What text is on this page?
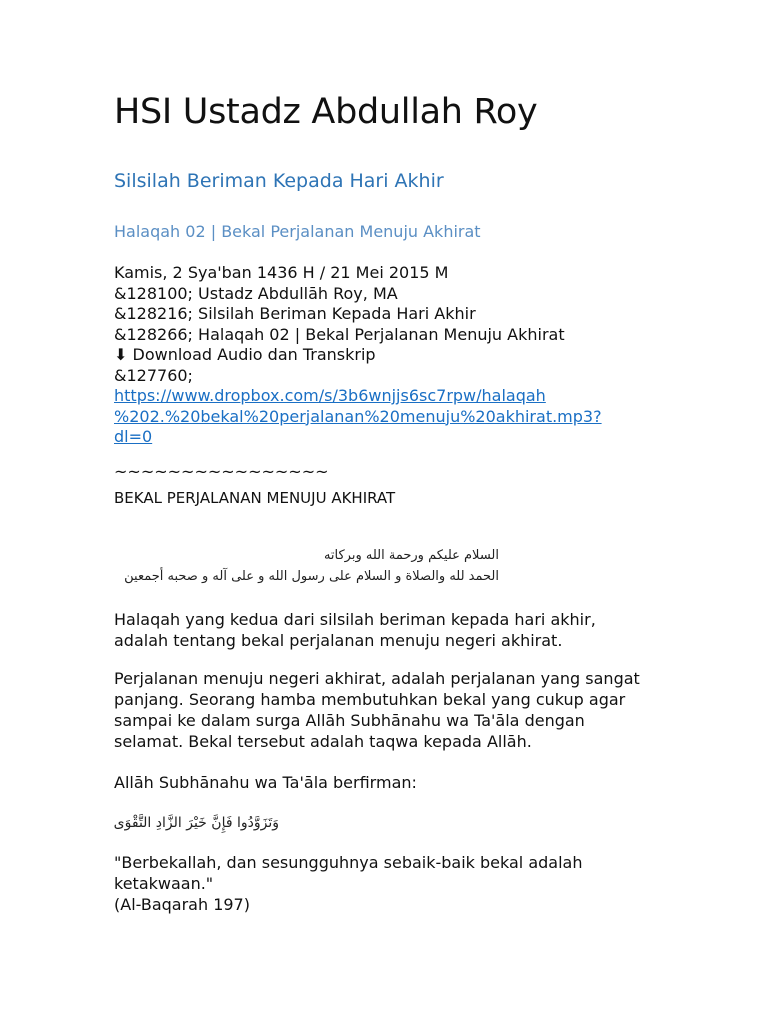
HSI Ustadz Abdullah Roy
Silsilah Beriman Kepada Hari Akhir
Halaqah 02 | Bekal Perjalanan Menuju Akhirat
Kamis, 2 Sya'ban 1436 H / 21 Mei 2015 M
&128100; Ustadz Abdullāh Roy, MA
&128216; Silsilah Beriman Kepada Hari Akhir
&128266; Halaqah 02 | Bekal Perjalanan Menuju Akhirat
⬇ Download Audio dan Transkrip
&127760;
https://www.dropbox.com/s/3b6wnjjs6sc7rpw/halaqah
%202.%20bekal%20perjalanan%20menuju%20akhirat.mp3?
dl=0
~~~~~~~~~~~~~~~~
BEKAL PERJALANAN MENUJU AKHIRAT
السلام عليكم ورحمة الله وبركاته
الحمد لله والصلاة و السلام على رسول الله و على آله و صحبه أجمعين
Halaqah yang kedua dari silsilah beriman kepada hari akhir, adalah tentang bekal perjalanan menuju negeri akhirat.
Perjalanan menuju negeri akhirat, adalah perjalanan yang sangat panjang. Seorang hamba membutuhkan bekal yang cukup agar sampai ke dalam surga Allāh Subhānahu wa Ta'āla dengan selamat. Bekal tersebut adalah taqwa kepada Allāh.
Allāh Subhānahu wa Ta'āla berfirman:
وَتَزَوَّدُوا فَإِنَّ خَيْرَ الزَّادِ التَّقْوَى
"Berbekallah, dan sesungguhnya sebaik-baik bekal adalah ketakwaan."
(Al-Baqarah 197)
